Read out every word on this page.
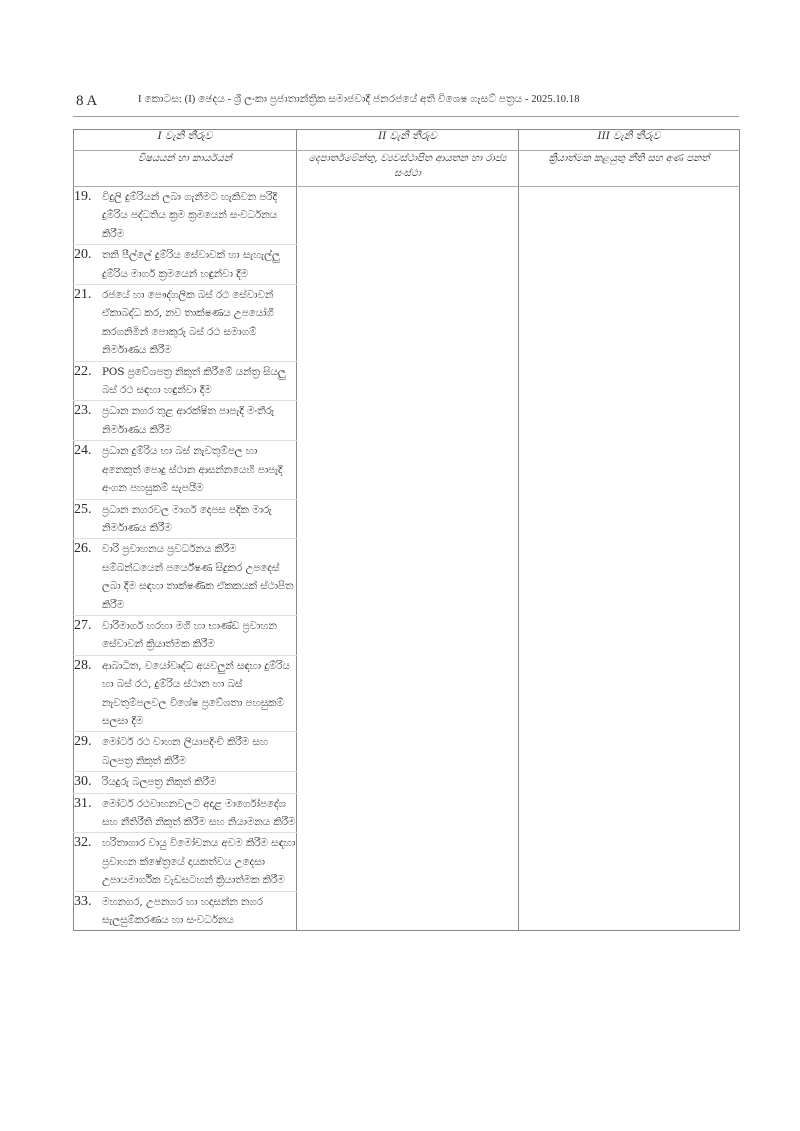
8 A	I කොටස: (I) ඡෙදය - ශ්‍රී ලංකා ප්‍රජාතාන්ත්‍රික සමාජවාදී ජනරජයේ අති විශෙෂ ගැසට් පත්‍රය - 2025.10.18
I වැනි තීරුව	II වැනි තීරුව	III වැනි තීරුව
විෂයයන් හා කාර්යයන්	දෙපාර්තමේන්තු, ව්‍යවස්ථාපිත ආයතන හා රාජ්‍ය සංස්ථා	ක්‍රියාත්මක කළයුතු නීති සහ අණ පනත්

19. විදුලි දුම්රියන් ලබා ගැනීමට හැකිවන පරිදි දුම්රිය පද්ධතිය ක්‍රම ක්‍රමයෙන් සංවර්ධනය කිරීම		

20. තනි පීල්ලේ දුම්රිය සේවාවක් හා සැහැල්ලු දුම්රිය මාර්ග ක්‍රමයෙන් හඳුන්වා දීම		

21. රජයේ හා පෞද්ගලික බස් රථ සේවාවන් ඒකාබද්ධ කර, නව තාක්ෂණය උපයෝගී කරගනිමින් පොකුරු බස් රථ සමාගම් නිර්මාණය කිරීම		

22. POS ප්‍රවේශපත්‍ර නිකුත් කිරීමේ යන්ත්‍ර සියලු බස් රථ සඳහා හඳුන්වා දීම		

23. ප්‍රධාන නගර තුළ ආරක්ෂිත පාපැදි මංතීරු නිර්මාණය කිරීම		

24. ප්‍රධාන දුම්රිය හා බස් නැවතුම්පල හා අනෙකුත් පොදු ස්ථාන ආසන්නයෙහි පාපැදි අංගන පහසුකම් සැපයීම		

25. ප්‍රධාන නගරවල මාර්ග දෙපස පදික මාරු නිර්මාණය කිරීම		

26. වාරි ප්‍රවාහනය ප්‍රවර්ධනය කිරීම සම්බන්ධයෙන් පර්යේෂණ සිදුකර උපදෙස් ලබා දීම සඳහා තාක්ෂණික ඒකකයක් ස්ථාපිත කිරීම		

27. වාරිමාර්ග හරහා මගී හා භාණ්ඩ ප්‍රවාහන සේවාවන් ක්‍රියාත්මක කිරීම		

28. ආබාධිත, වයෝවෘද්ධ අයවලුන් සඳහා දුම්රිය හා බස් රථ, දුම්රිය ස්ථාන හා බස් නැවතුම්පලවල විශේෂ ප්‍රවේශතා පහසුකම් සලසා දීම		

29. මෝටර් රථ වාහන ලියාපදිංචි කිරීම සහ බලපත්‍ර නිකුත් කිරීම		

30. රියදුරු බලපත්‍ර නිකුත් කිරීම		

31. මෝටර් රථවාහනවලට අදාළ මාර්ගෝපදේශ සහ නීතිරීති නිකුත් කිරීම සහ නියාමනය කිරීම		

32. හරිතාගාර වායු විමෝචනය අවම කිරීම සඳහා ප්‍රවාහන ක්ෂේත්‍රයේ දායකත්වය උදෙසා උපායමාර්ගික වැඩසටහන් ක්‍රියාත්මක කිරීම		

33. මහනගර, උපනගර හා හදාසන්න නගර සැලසුම්කරණය හා සංවර්ධනය		
